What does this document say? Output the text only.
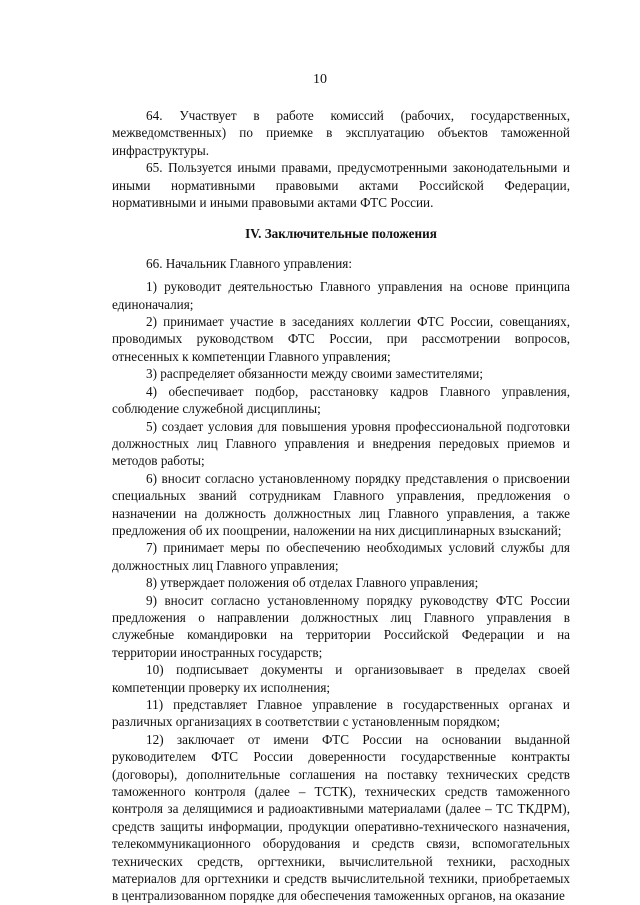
10

64. Участвует в работе комиссий (рабочих, государственных, межведомственных) по приемке в эксплуатацию объектов таможенной инфраструктуры.

65. Пользуется иными правами, предусмотренными законодательными и иными нормативными правовыми актами Российской Федерации, нормативными и иными правовыми актами ФТС России.

IV. Заключительные положения

66. Начальник Главного управления:

1) руководит деятельностью Главного управления на основе принципа единоначалия;

2) принимает участие в заседаниях коллегии ФТС России, совещаниях, проводимых руководством ФТС России, при рассмотрении вопросов, отнесенных к компетенции Главного управления;

3) распределяет обязанности между своими заместителями;

4) обеспечивает подбор, расстановку кадров Главного управления, соблюдение служебной дисциплины;

5) создает условия для повышения уровня профессиональной подготовки должностных лиц Главного управления и внедрения передовых приемов и методов работы;

6) вносит согласно установленному порядку представления о присвоении специальных званий сотрудникам Главного управления, предложения о назначении на должность должностных лиц Главного управления, а также предложения об их поощрении, наложении на них дисциплинарных взысканий;

7) принимает меры по обеспечению необходимых условий службы для должностных лиц Главного управления;

8) утверждает положения об отделах Главного управления;

9) вносит согласно установленному порядку руководству ФТС России предложения о направлении должностных лиц Главного управления в служебные командировки на территории Российской Федерации и на территории иностранных государств;

10) подписывает документы и организовывает в пределах своей компетенции проверку их исполнения;

11) представляет Главное управление в государственных органах и различных организациях в соответствии с установленным порядком;

12) заключает от имени ФТС России на основании выданной руководителем ФТС России доверенности государственные контракты (договоры), дополнительные соглашения на поставку технических средств таможенного контроля (далее – ТСТК), технических средств таможенного контроля за делящимися и радиоактивными материалами (далее – ТС ТКДРМ), средств защиты информации, продукции оперативно-технического назначения, телекоммуникационного оборудования и средств связи, вспомогательных технических средств, оргтехники, вычислительной техники, расходных материалов для оргтехники и средств вычислительной техники, приобретаемых в централизованном порядке для обеспечения таможенных органов, на оказание
